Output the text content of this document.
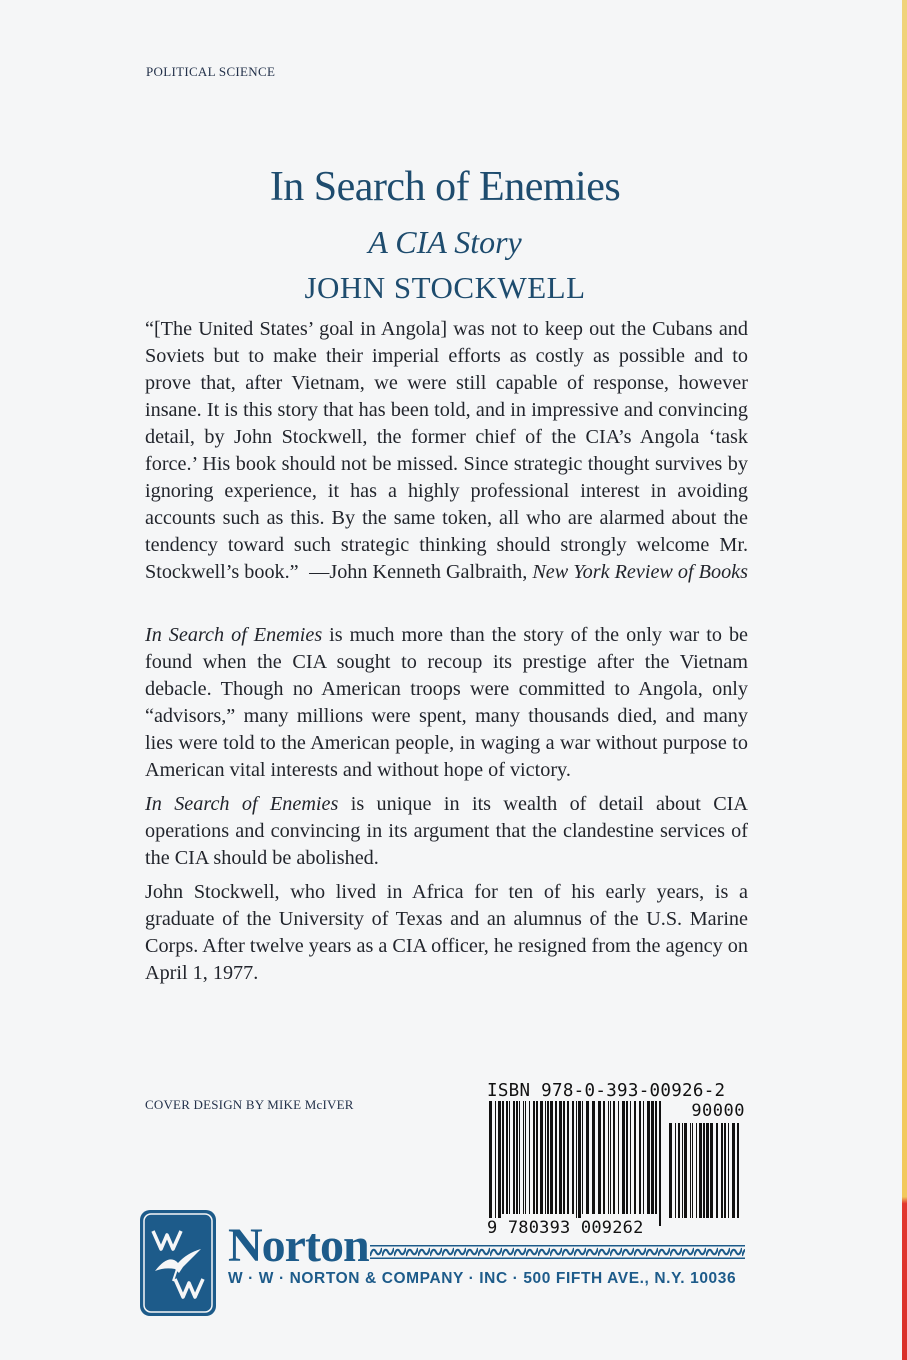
POLITICAL SCIENCE
In Search of Enemies
A CIA Story
JOHN STOCKWELL

“[The United States’ goal in Angola] was not to keep out the Cubans and Soviets but to make their imperial efforts as costly as possible and to prove that, after Vietnam, we were still capable of response, however insane. It is this story that has been told, and in impressive and convincing detail, by John Stockwell, the former chief of the CIA’s Angola ‘task force.’ His book should not be missed. Since strategic thought survives by ignoring experience, it has a highly professional interest in avoiding accounts such as this. By the same token, all who are alarmed about the tendency toward such strategic thinking should strongly welcome Mr. Stockwell’s book.” —John Kenneth Galbraith, New York Review of Books

In Search of Enemies is much more than the story of the only war to be found when the CIA sought to recoup its prestige after the Vietnam debacle. Though no American troops were committed to Angola, only “advisors,” many millions were spent, many thousands died, and many lies were told to the American people, in waging a war without purpose to American vital interests and without hope of victory.

In Search of Enemies is unique in its wealth of detail about CIA operations and convincing in its argument that the clandestine services of the CIA should be abolished.

John Stockwell, who lived in Africa for ten of his early years, is a graduate of the University of Texas and an alumnus of the U.S. Marine Corps. After twelve years as a CIA officer, he resigned from the agency on April 1, 1977.

COVER DESIGN BY MIKE McIVER
ISBN 978-0-393-00926-2
90000
9 780393 009262
Norton
W · W · NORTON & COMPANY · INC · 500 FIFTH AVE., N.Y. 10036
